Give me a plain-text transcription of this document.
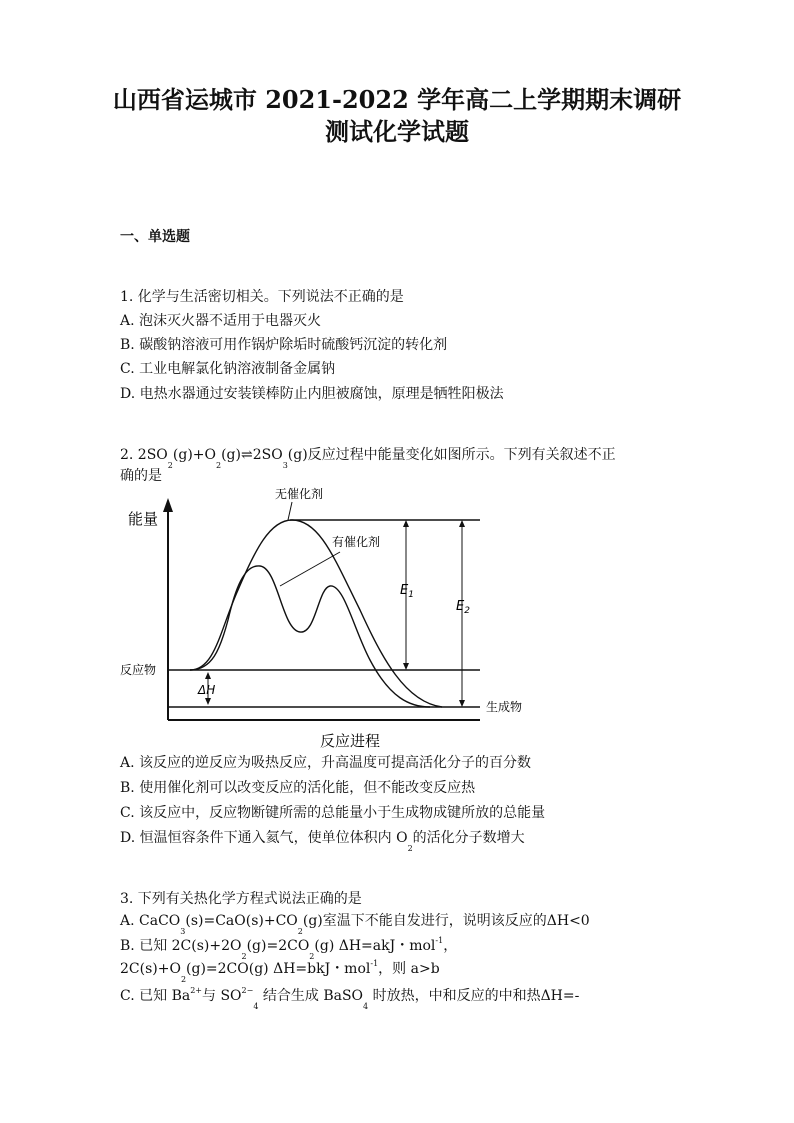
山西省运城市 2021-2022 学年高二上学期期末调研
测试化学试题
一、单选题
1. 化学与生活密切相关。下列说法不正确的是
A. 泡沫灭火器不适用于电器灭火
B. 碳酸钠溶液可用作锅炉除垢时硫酸钙沉淀的转化剂
C. 工业电解氯化钠溶液制备金属钠
D. 电热水器通过安装镁棒防止内胆被腐蚀，原理是牺牲阳极法
2. $2SO_2(g)+O_2(g)\rightleftharpoons 2SO_3(g)$反应过程中能量变化如图所示。下列有关叙述不正
确的是
能量
反应进程
无催化剂
有催化剂
反应物
生成物
ΔH
$E_1$
$E_2$
A. 该反应的逆反应为吸热反应，升高温度可提高活化分子的百分数
B. 使用催化剂可以改变反应的活化能，但不能改变反应热
C. 该反应中，反应物断键所需的总能量小于生成物成键所放的总能量
D. 恒温恒容条件下通入氦气，使单位体积内 $O_2$的活化分子数增大
3. 下列有关热化学方程式说法正确的是
A. $CaCO_3(s)=CaO(s)+CO_2(g)$室温下不能自发进行，说明该反应的ΔH<0
B. 已知 $2C(s)+2O_2(g)=2CO_2(g)$ ΔH=akJ・mol$^{-1}$，
$2C(s)+O_2(g)=2CO(g)$ ΔH=bkJ・mol$^{-1}$，则 a>b
C. 已知 $Ba^{2+}$与 $SO^{2-}_4$ 结合生成 BaSO$_4$ 时放热，中和反应的中和热ΔH=-
